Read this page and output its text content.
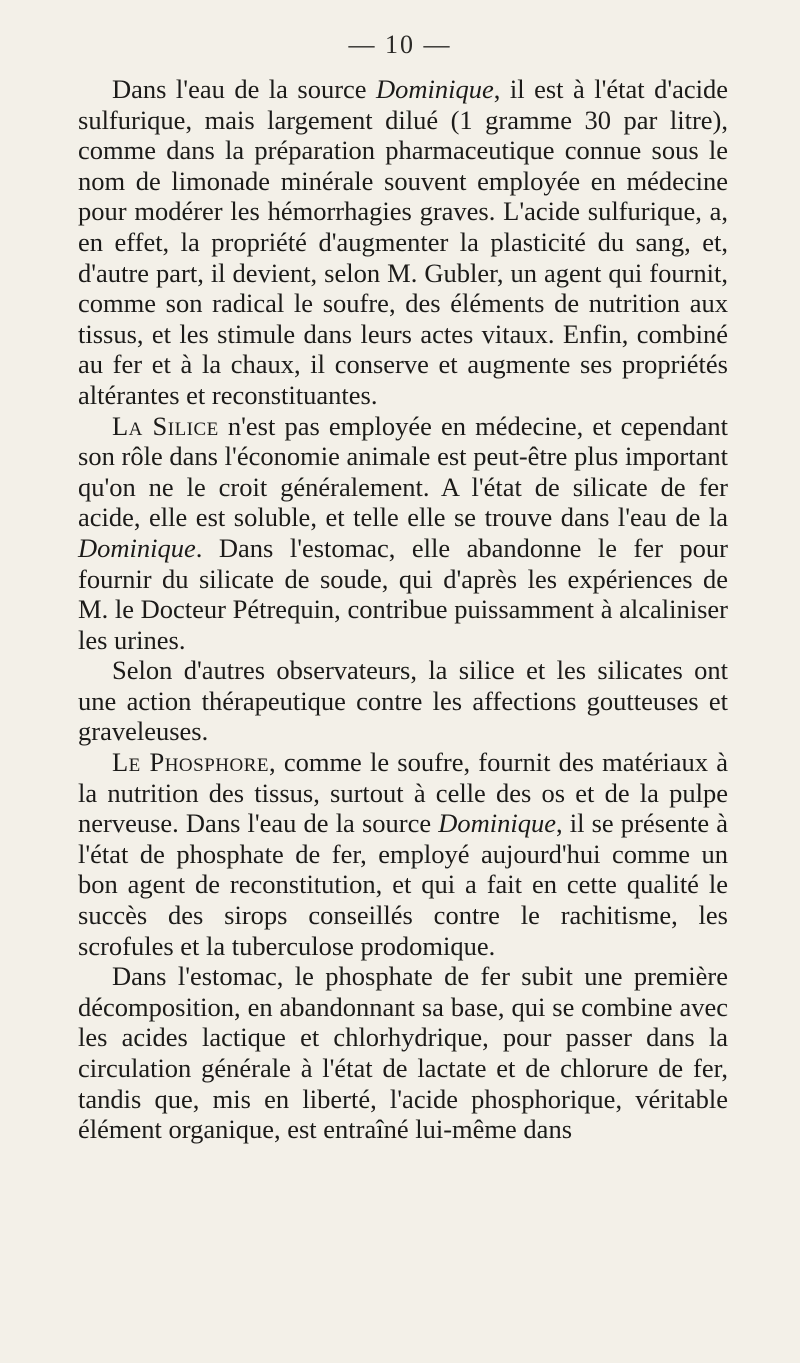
— 10 —

Dans l'eau de la source Dominique, il est à l'état d'acide sulfurique, mais largement dilué (1 gramme 30 par litre), comme dans la préparation pharmaceutique connue sous le nom de limonade minérale souvent employée en médecine pour modérer les hémorrhagies graves. L'acide sulfurique, a, en effet, la propriété d'augmenter la plasticité du sang, et, d'autre part, il devient, selon M. Gubler, un agent qui fournit, comme son radical le soufre, des éléments de nutrition aux tissus, et les stimule dans leurs actes vitaux. Enfin, combiné au fer et à la chaux, il conserve et augmente ses propriétés altérantes et reconstituantes.

La Silice n'est pas employée en médecine, et cependant son rôle dans l'économie animale est peut-être plus important qu'on ne le croit généralement. A l'état de silicate de fer acide, elle est soluble, et telle elle se trouve dans l'eau de la Dominique. Dans l'estomac, elle abandonne le fer pour fournir du silicate de soude, qui d'après les expériences de M. le Docteur Pétrequin, contribue puissamment à alcaliniser les urines.

Selon d'autres observateurs, la silice et les silicates ont une action thérapeutique contre les affections goutteuses et graveleuses.

Le Phosphore, comme le soufre, fournit des matériaux à la nutrition des tissus, surtout à celle des os et de la pulpe nerveuse. Dans l'eau de la source Dominique, il se présente à l'état de phosphate de fer, employé aujourd'hui comme un bon agent de reconstitution, et qui a fait en cette qualité le succès des sirops conseillés contre le rachitisme, les scrofules et la tuberculose prodomique.

Dans l'estomac, le phosphate de fer subit une première décomposition, en abandonnant sa base, qui se combine avec les acides lactique et chlorhydrique, pour passer dans la circulation générale à l'état de lactate et de chlorure de fer, tandis que, mis en liberté, l'acide phosphorique, véritable élément organique, est entraîné lui-même dans
